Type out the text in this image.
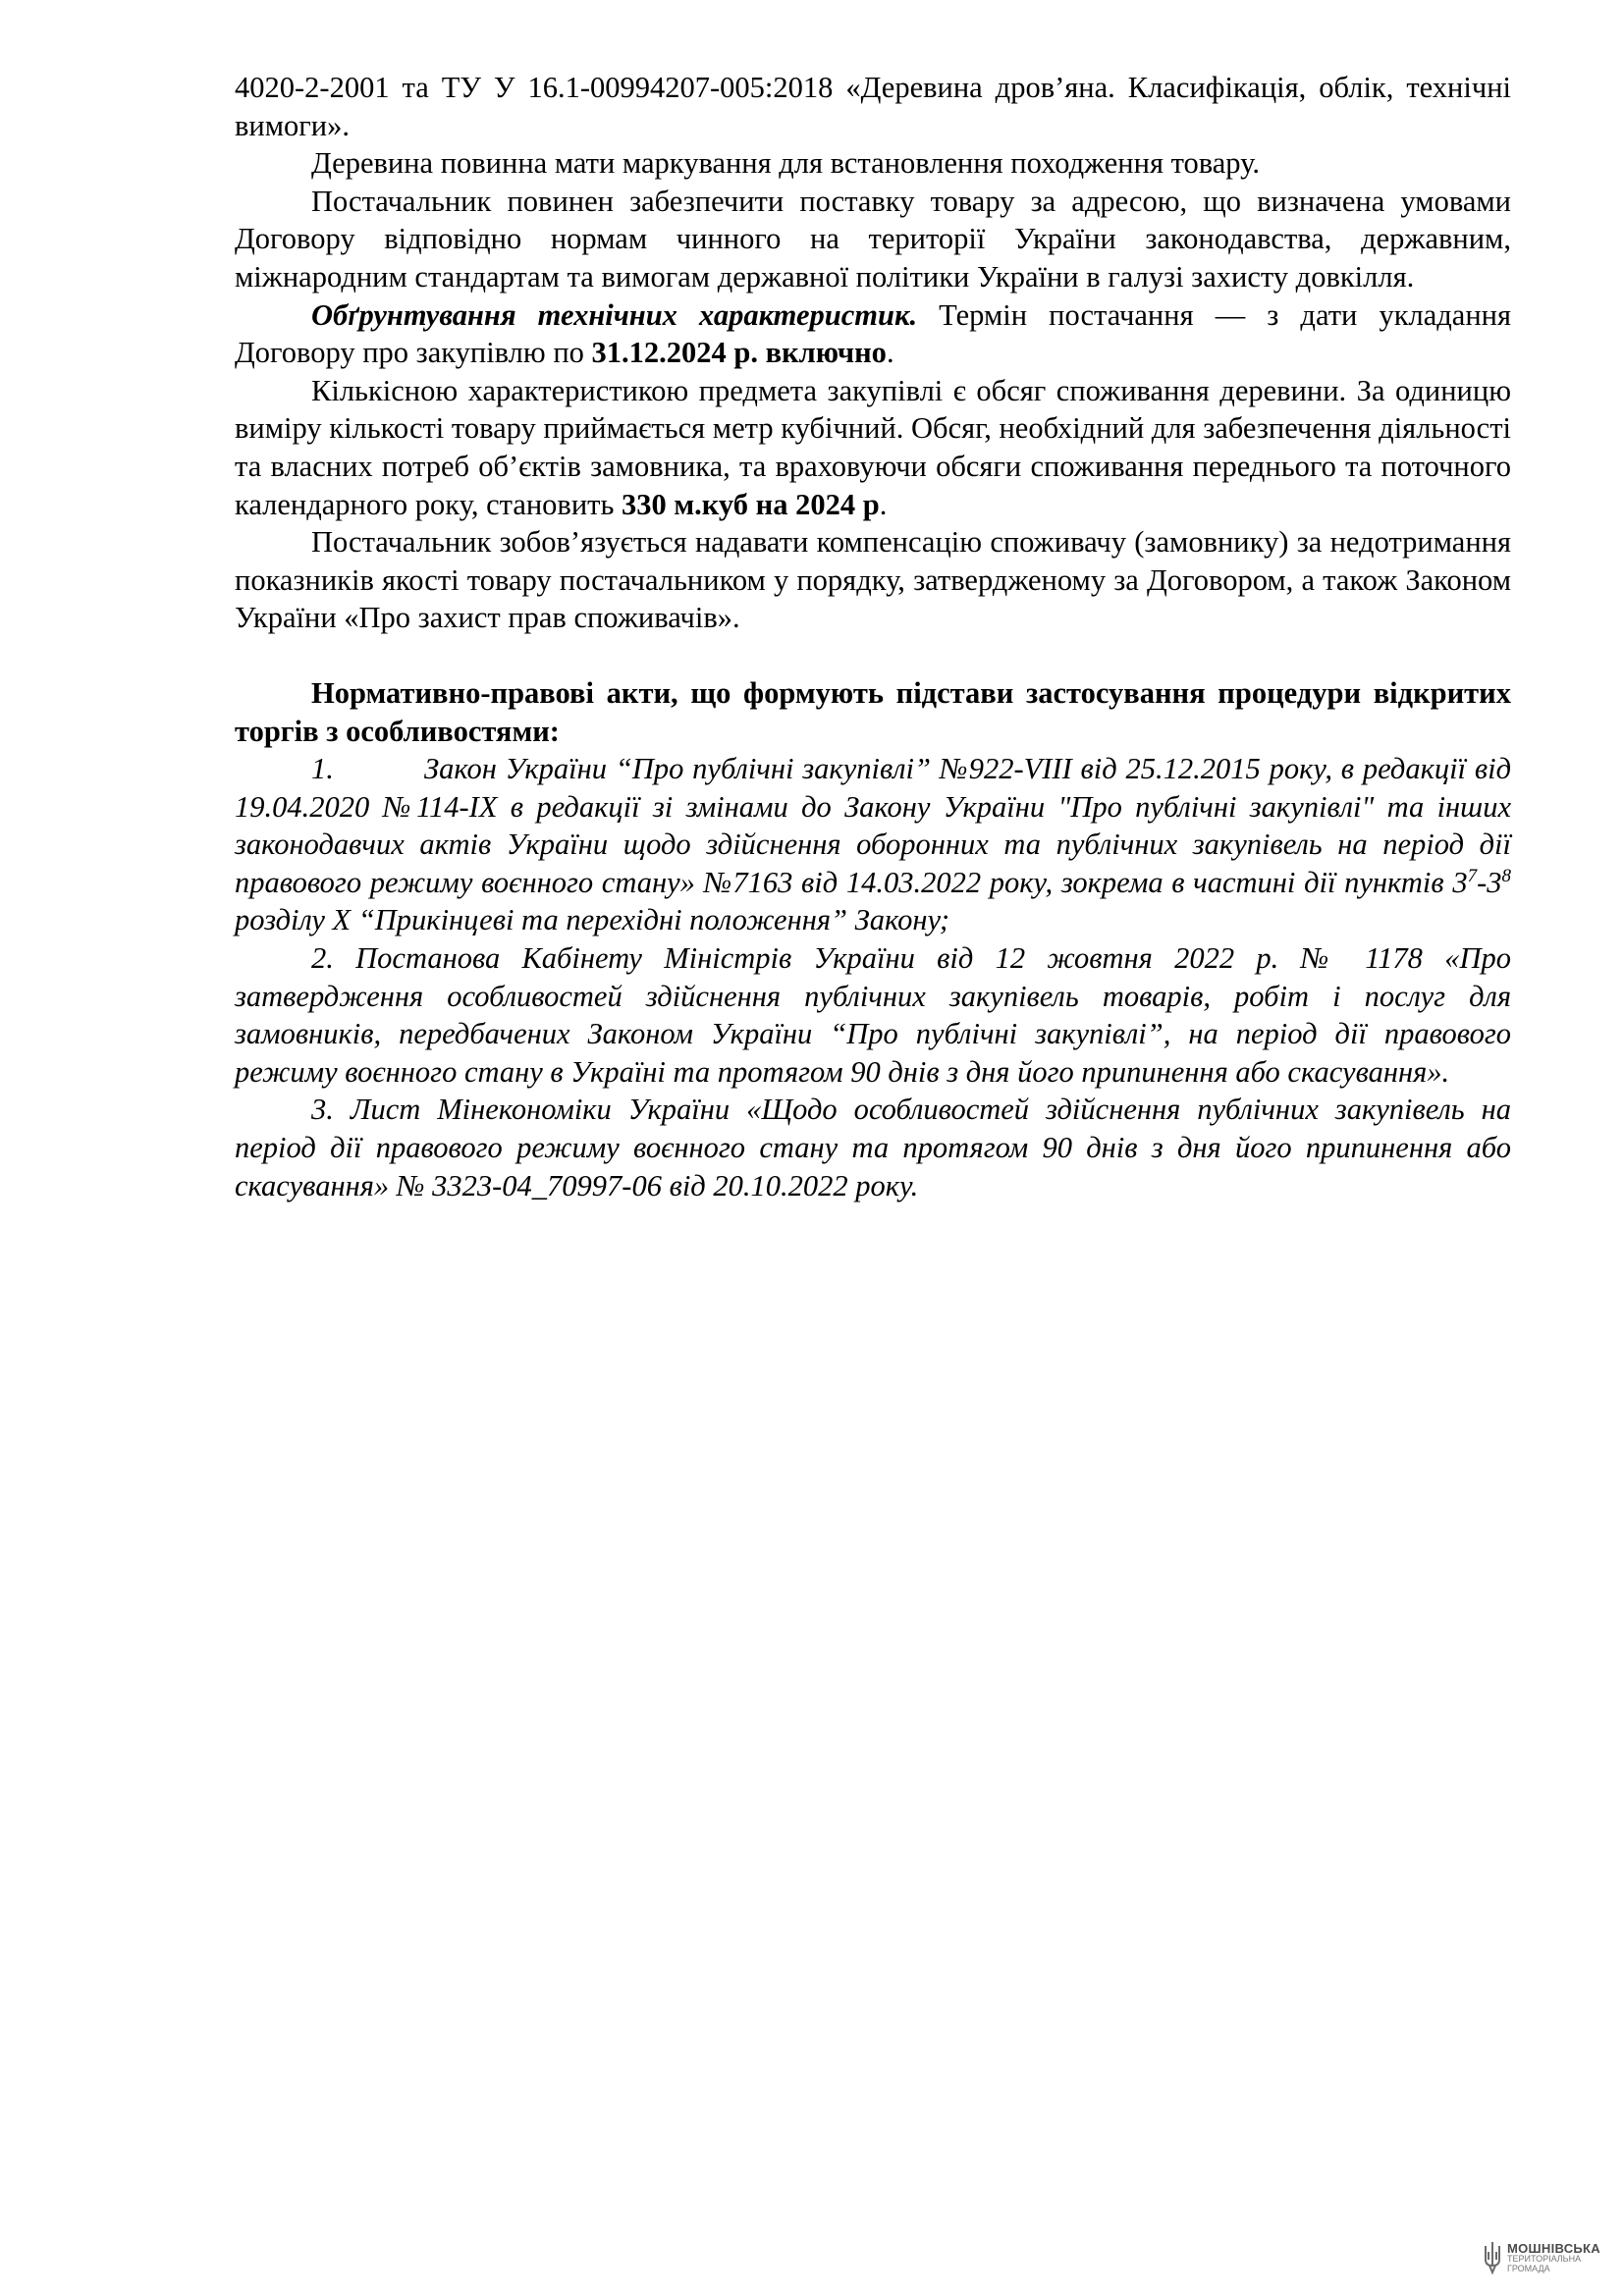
4020-2-2001 та ТУ У 16.1-00994207-005:2018 «Деревина дров’яна. Класифікація, облік, технічні вимоги».

Деревина повинна мати маркування для встановлення походження товару.

Постачальник повинен забезпечити поставку товару за адресою, що визначена умовами Договору відповідно нормам чинного на території України законодавства, державним, міжнародним стандартам та вимогам державної політики України в галузі захисту довкілля.

Обґрунтування технічних характеристик. Термін постачання — з дати укладання Договору про закупівлю по 31.12.2024 р. включно.

Кількісною характеристикою предмета закупівлі є обсяг споживання деревини. За одиницю виміру кількості товару приймається метр кубічний. Обсяг, необхідний для забезпечення діяльності та власних потреб об’єктів замовника, та враховуючи обсяги споживання переднього та поточного календарного року, становить 330 м.куб на 2024 р.

Постачальник зобов’язується надавати компенсацію споживачу (замовнику) за недотримання показників якості товару постачальником у порядку, затвердженому за Договором, а також Законом України «Про захист прав споживачів».

Нормативно-правові акти, що формують підстави застосування процедури відкритих торгів з особливостями:

1.	Закон України “Про публічні закупівлі” №922-VIII від 25.12.2015 року, в редакції від 19.04.2020 №114-IX в редакції зі змінами до Закону України "Про публічні закупівлі" та інших законодавчих актів України щодо здійснення оборонних та публічних закупівель на період дії правового режиму воєнного стану» №7163 від 14.03.2022 року, зокрема в частині дії пунктів $3^7-3^8$ розділу X “Прикінцеві та перехідні положення” Закону;

2. Постанова Кабінету Міністрів України від 12 жовтня 2022 р. № 1178 «Про затвердження особливостей здійснення публічних закупівель товарів, робіт і послуг для замовників, передбачених Законом України “Про публічні закупівлі”, на період дії правового режиму воєнного стану в Україні та протягом 90 днів з дня його припинення або скасування».

3. Лист Мінекономіки України «Щодо особливостей здійснення публічних закупівель на період дії правового режиму воєнного стану та протягом 90 днів з дня його припинення або скасування» № 3323-04_70997-06 від 20.10.2022 року.

МОШНІВСЬКА
ТЕРИТОРІАЛЬНА
ГРОМАДА
